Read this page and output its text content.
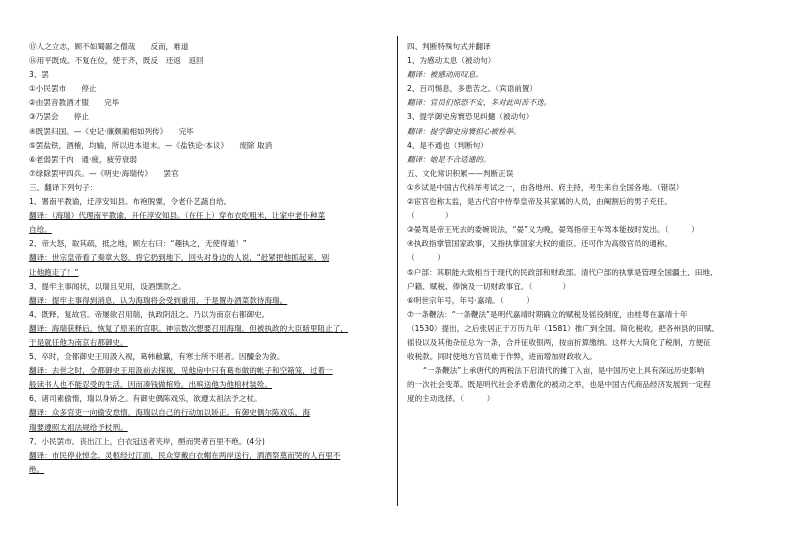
⑮人之立志，顾不如蜀鄙之僧哉　　反而，难道
⑯用平既成。不复在位，使于齐，既反　还返　返回
3、罢
①小民罢市　　停止
②由罢音教酒才服　　完毕
③乃罢会　　停止
④既罢归国。—《史记·廉颇蔺相如列传》　　完毕
⑤罢盐铁，酒榷，均输，所以进本退末。—《盐铁论·本议》　　废除 取消
⑥老弱罢于内　通·疲，疲劳衰弱
⑦绿除罢甲四兵。—《明史·海瑞传》　　罢官
三、翻译下列句子：
1、署南平教谕，迁淳安知县。布袍脱粟，令老仆艺蔬自给。
翻译：（海瑞）代理南平教谕，升任淳安知县。（在任上）穿布衣吃粗米，让家中老仆种菜
自给。
2、帝大怒，取其疏，抵之地，顾左右曰：“趣执之，无使得遁！”
翻译：世宗皇帝看了奏章大怒，将它扔到地下，回头对身边的人说，“赶紧把他抓起来，别
让他跑走了！”
3、提牢主事闻状，以瑞且见用，设酒馔款之。
翻译：提牢主事得到消息，认为海瑞将会受到重用，于是置办酒菜款待海瑞。
4、既释，复故官。帝屡欲召用瑞，执政阴沮之。乃以为南京右都御史。
翻译：海瑞获释后，恢复了原来的官职。神宗数次想要召用海瑞，但被执政的大臣暗里阻止了，
于是就任他为南京右都御史。
5、卒时，佥都御史王用汲入视，葛帏敝籝，有寒士所不堪者。因醵金为敛。
翻译：去世之时，佥都御史王用汲前去探视，见他房中只有葛布做的帐子和空箱笼，过着一
般读书人也不能忍受的生活。因而凑钱做棺殓。出殡送他为他棺材装殓。
6、诸司素偷惰，瑞以身矫之。有御史偶陈戏乐，欲遵太祖法予之杖。
翻译：众多官吏一向偷安怠惰，海瑞以自己的行动加以矫正。有御史偶尔陈戏乐，海
瑞要遵照太祖法规给予杖刑。
7、小民罢市。丧出江上，白衣冠送者夹岸，酹而哭者百里不绝。(4分)
翻译：市民停业悼念。灵柩经过江面，民众穿戴白衣帽在两岸送行，洒酒祭奠而哭的人百里不
绝。
四、判断特殊句式并翻译
1、为感动太息（被动句）
翻译：被感动而叹息。
2、百司惕息，多患苦之。（宾语前置）
翻译：官员们惊恐不安，多对此叫苦不迭。
3、提学御史房寰恐见纠擿（被动句）
翻译：提学御史房寰担心被检举。
4、是不通也（判断句）
翻译：她是不合适通的。
五、文化常识积累——判断正误
①乡试是中国古代科举考试之一，由各地州、府主持，考生来自全国各地。（错误）
②宦官也称太监，是古代宫中侍奉皇帝及其家属的人员，由阉割后的男子充任。
（　　　　）
③晏驾是帝王死去的委婉说法，“晏”义为晚，晏驾指帝王车驾本能按时发出。（　　　）
④执政指掌管国家政事，又指执掌国家大权的重臣。还可作为高级官员的通称。
（　　　）
⑤户部：其职能大致相当于现代的民政部和财政部。清代户部的执掌是管理全国疆土、田地、
户籍、赋税、俸饷及一切财政事宜。（　　　　）
⑥明世宗年号，年号·嘉靖。（　　　）
⑦一条鞭法：“一条鞭法”是明代嘉靖时期确立的赋税及徭役制度，由桂萼在嘉靖十年
（1530）提出，之后张居正于万历九年（1581）推广到全国。简化税收，把各州县的田赋、
徭役以及其他杂征总为一条，合并征收银两，按亩折算缴纳。这样大大简化了税制，方便征
收税款。同时使地方官员难于作弊，进而增加财政收入。
“一条鞭法”上承唐代的两税法下启清代的摊丁入亩，是中国历史上具有深远历史影响
的一次社会变革。既是明代社会矛盾激化的被动之举，也是中国古代商品经济发展到一定程
度的主动选择。（　　　）
